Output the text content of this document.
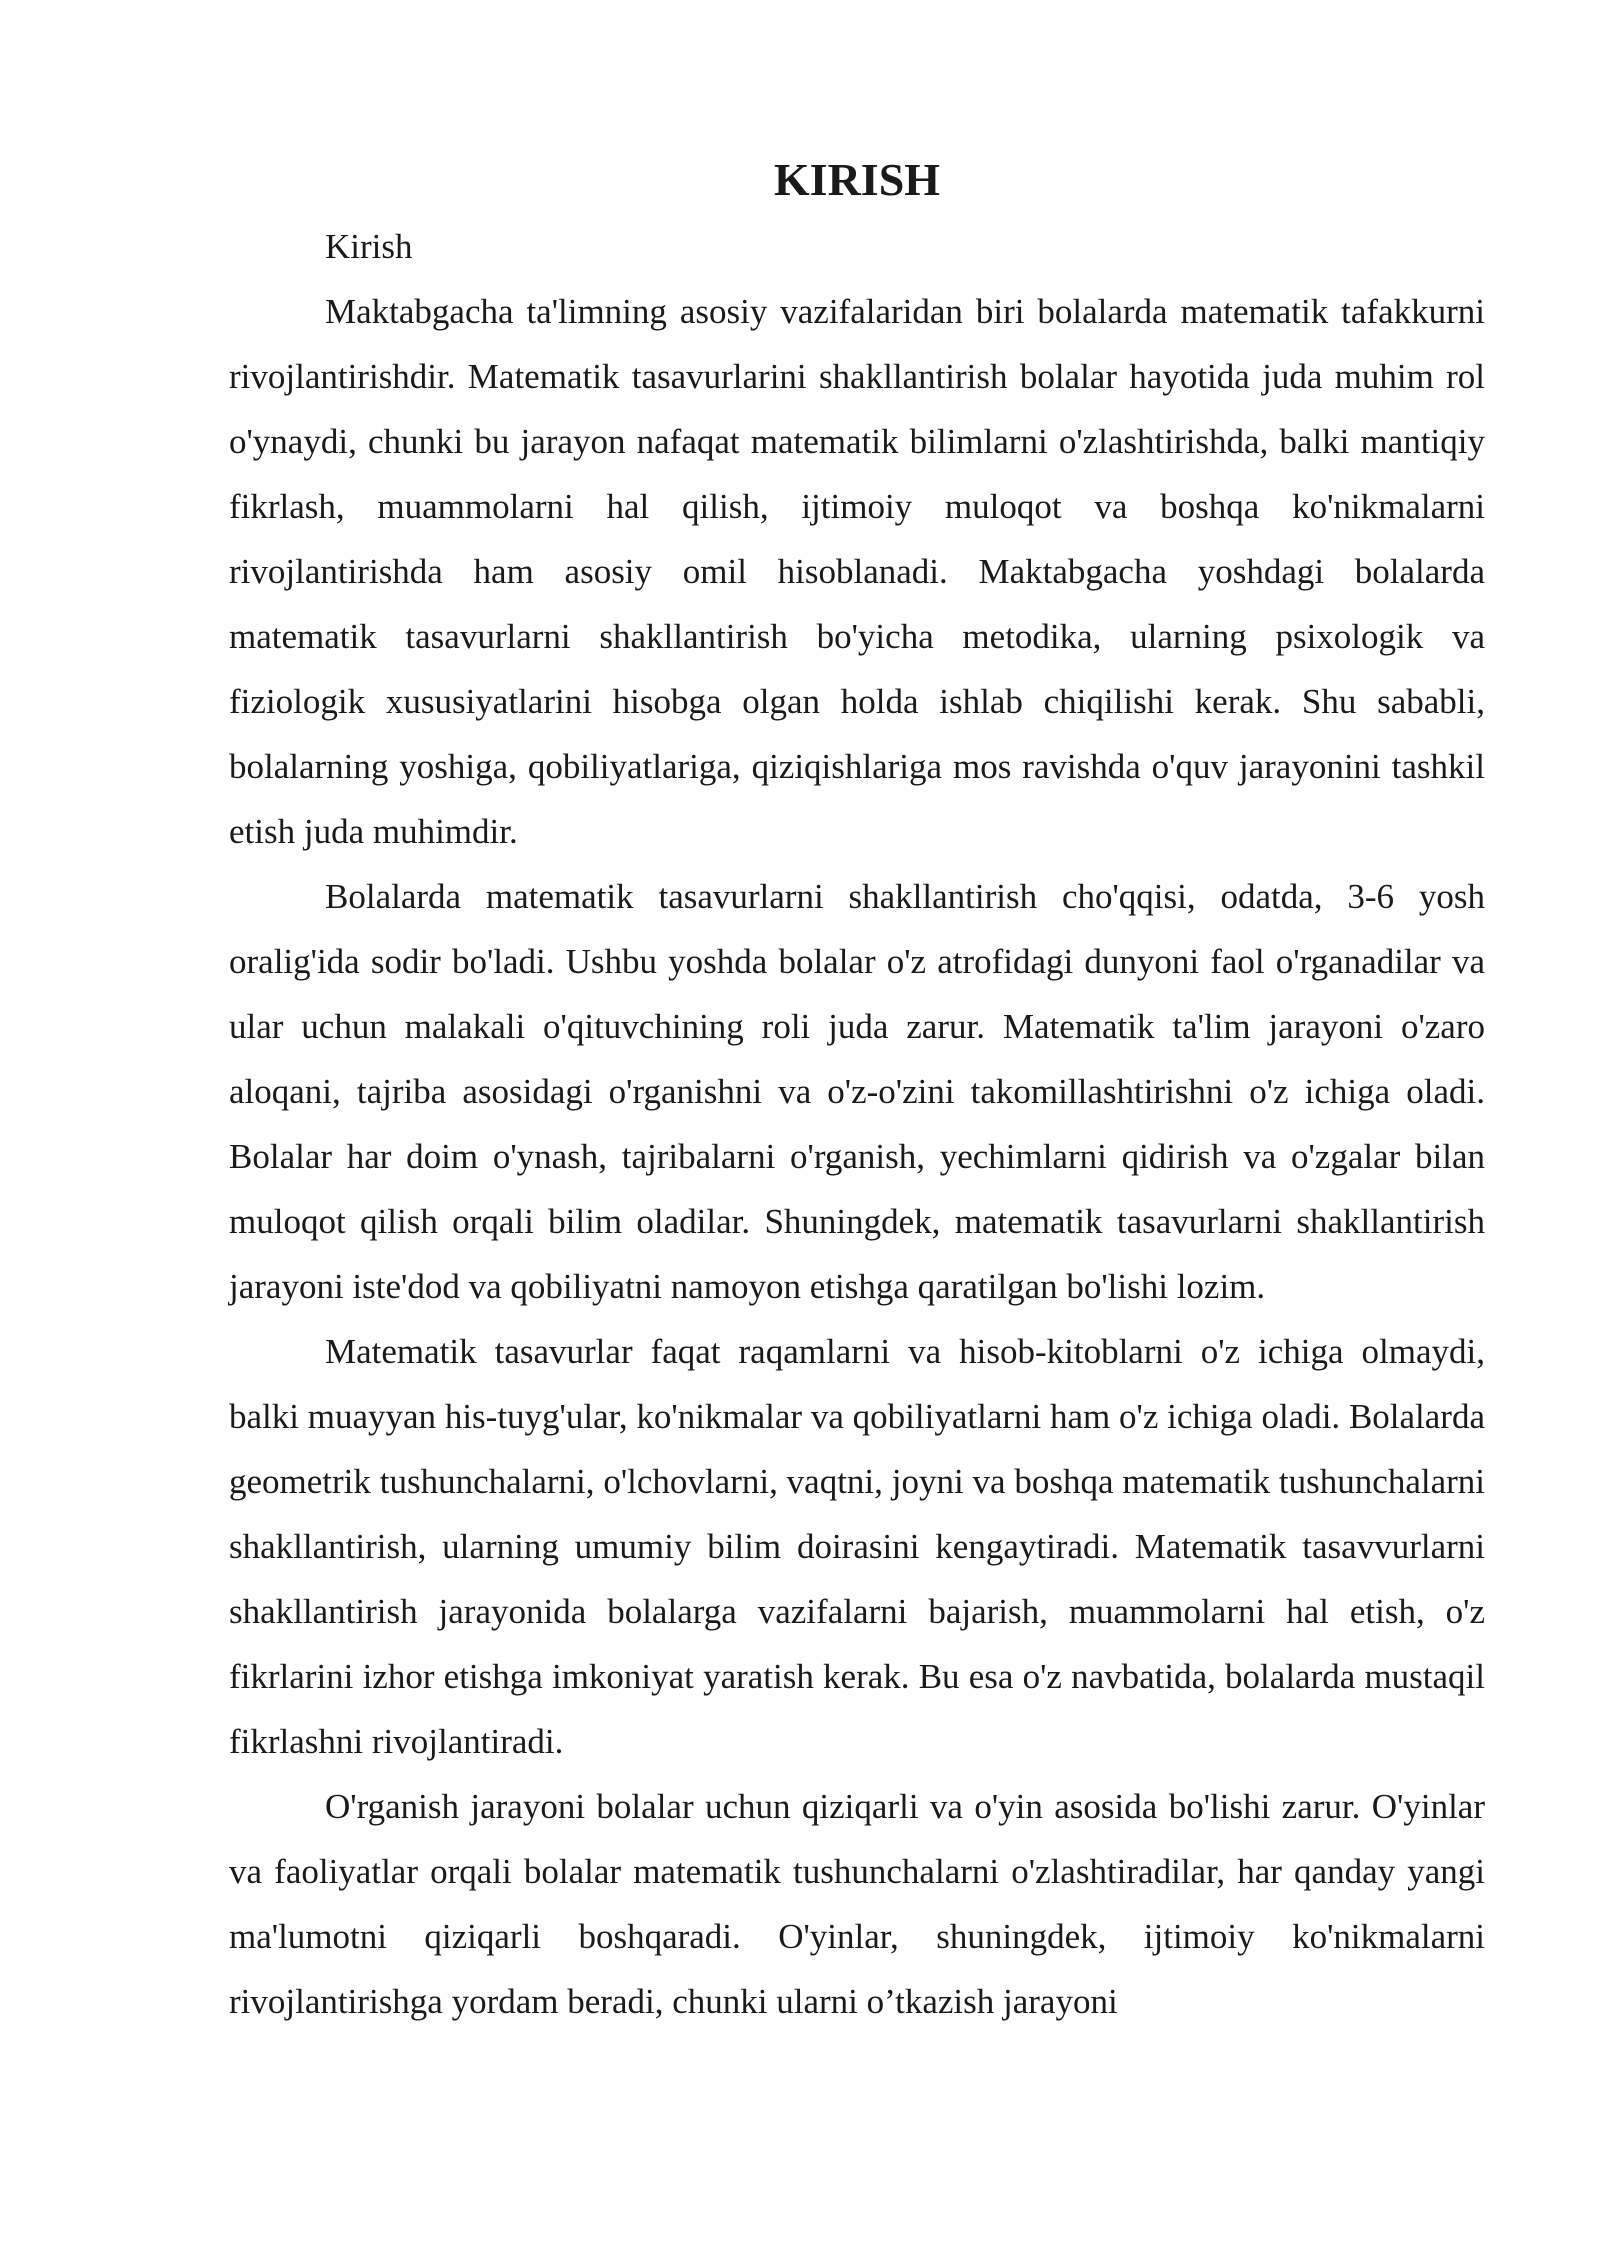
KIRISH

Kirish

Maktabgacha ta'limning asosiy vazifalaridan biri bolalarda matematik tafakkurni rivojlantirishdir. Matematik tasavurlarini shakllantirish bolalar hayotida juda muhim rol o'ynaydi, chunki bu jarayon nafaqat matematik bilimlarni o'zlashtirishda, balki mantiqiy fikrlash, muammolarni hal qilish, ijtimoiy muloqot va boshqa ko'nikmalarni rivojlantirishda ham asosiy omil hisoblanadi. Maktabgacha yoshdagi bolalarda matematik tasavurlarni shakllantirish bo'yicha metodika, ularning psixologik va fiziologik xususiyatlarini hisobga olgan holda ishlab chiqilishi kerak. Shu sababli, bolalarning yoshiga, qobiliyatlariga, qiziqishlariga mos ravishda o'quv jarayonini tashkil etish juda muhimdir.

Bolalarda matematik tasavurlarni shakllantirish cho'qqisi, odatda, 3-6 yosh oralig'ida sodir bo'ladi. Ushbu yoshda bolalar o'z atrofidagi dunyoni faol o'rganadilar va ular uchun malakali o'qituvchining roli juda zarur. Matematik ta'lim jarayoni o'zaro aloqani, tajriba asosidagi o'rganishni va o'z-o'zini takomillashtirishni o'z ichiga oladi. Bolalar har doim o'ynash, tajribalarni o'rganish, yechimlarni qidirish va o'zgalar bilan muloqot qilish orqali bilim oladilar. Shuningdek, matematik tasavurlarni shakllantirish jarayoni iste'dod va qobiliyatni namoyon etishga qaratilgan bo'lishi lozim.

Matematik tasavurlar faqat raqamlarni va hisob-kitoblarni o'z ichiga olmaydi, balki muayyan his-tuyg'ular, ko'nikmalar va qobiliyatlarni ham o'z ichiga oladi. Bolalarda geometrik tushunchalarni, o'lchovlarni, vaqtni, joyni va boshqa matematik tushunchalarni shakllantirish, ularning umumiy bilim doirasini kengaytiradi. Matematik tasavvurlarni shakllantirish jarayonida bolalarga vazifalarni bajarish, muammolarni hal etish, o'z fikrlarini izhor etishga imkoniyat yaratish kerak. Bu esa o'z navbatida, bolalarda mustaqil fikrlashni rivojlantiradi.

O'rganish jarayoni bolalar uchun qiziqarli va o'yin asosida bo'lishi zarur. O'yinlar va faoliyatlar orqali bolalar matematik tushunchalarni o'zlashtiradilar, har qanday yangi ma'lumotni qiziqarli boshqaradi. O'yinlar, shuningdek, ijtimoiy ko'nikmalarni rivojlantirishga yordam beradi, chunki ularni o’tkazish jarayoni
